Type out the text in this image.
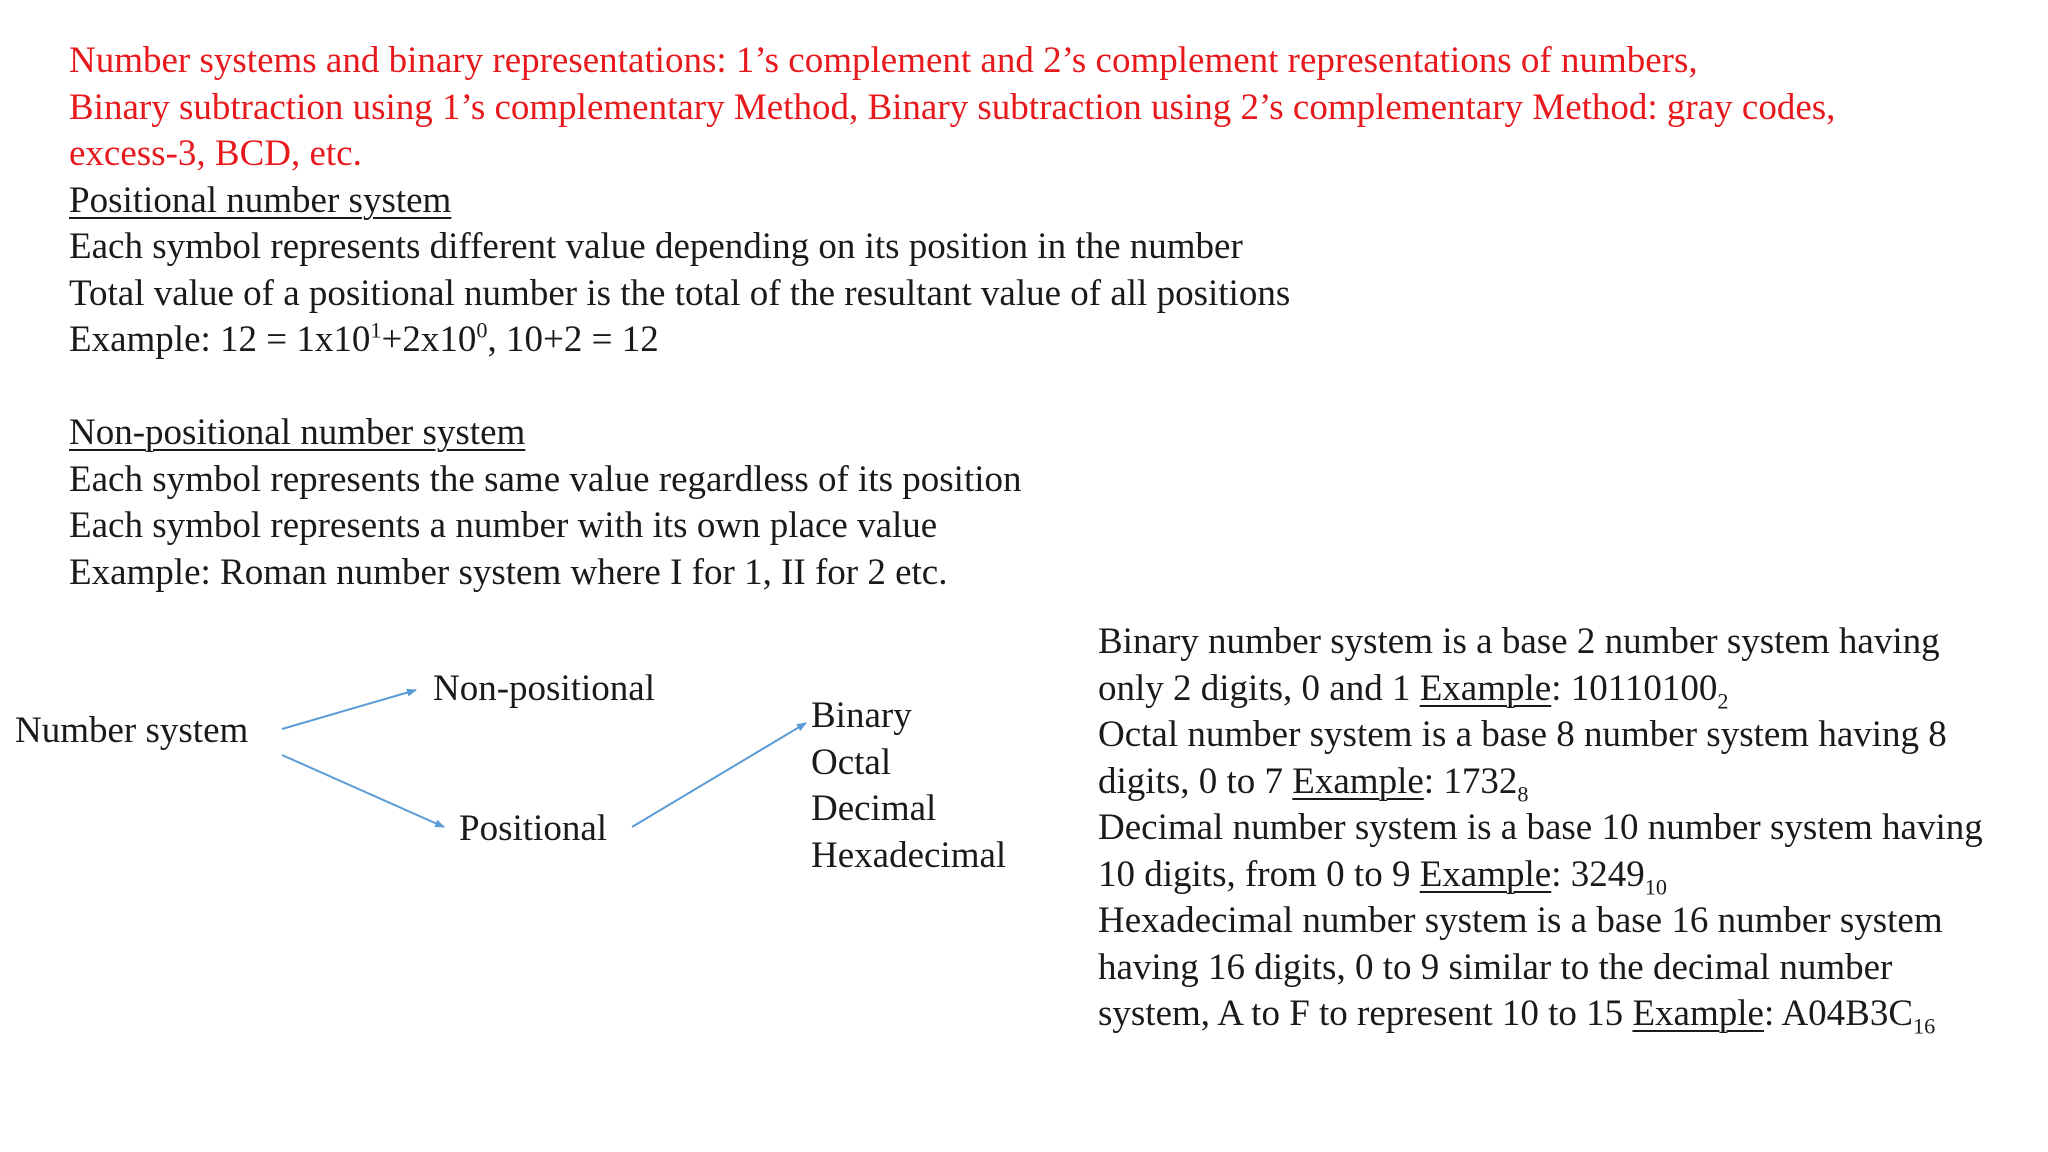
Number systems and binary representations: 1’s complement and 2’s complement representations of numbers,
Binary subtraction using 1’s complementary Method, Binary subtraction using 2’s complementary Method: gray codes,
excess-3, BCD, etc.
Positional number system
Each symbol represents different value depending on its position in the number
Total value of a positional number is the total of the resultant value of all positions
Example: $12 = 1x10^1+2x10^0$, 10+2 = 12
Non-positional number system
Each symbol represents the same value regardless of its position
Each symbol represents a number with its own place value
Example: Roman number system where I for 1, II for 2 etc.
Number system
Non-positional
Positional
Binary
Octal
Decimal
Hexadecimal
Binary number system is a base 2 number system having
only 2 digits, 0 and 1 Example: $10110100_2$
Octal number system is a base 8 number system having 8
digits, 0 to 7 Example: $1732_8$
Decimal number system is a base 10 number system having
10 digits, from 0 to 9 Example: $3249_{10}$
Hexadecimal number system is a base 16 number system
having 16 digits, 0 to 9 similar to the decimal number
system, A to F to represent 10 to 15 Example: $A04B3C_{16}$
